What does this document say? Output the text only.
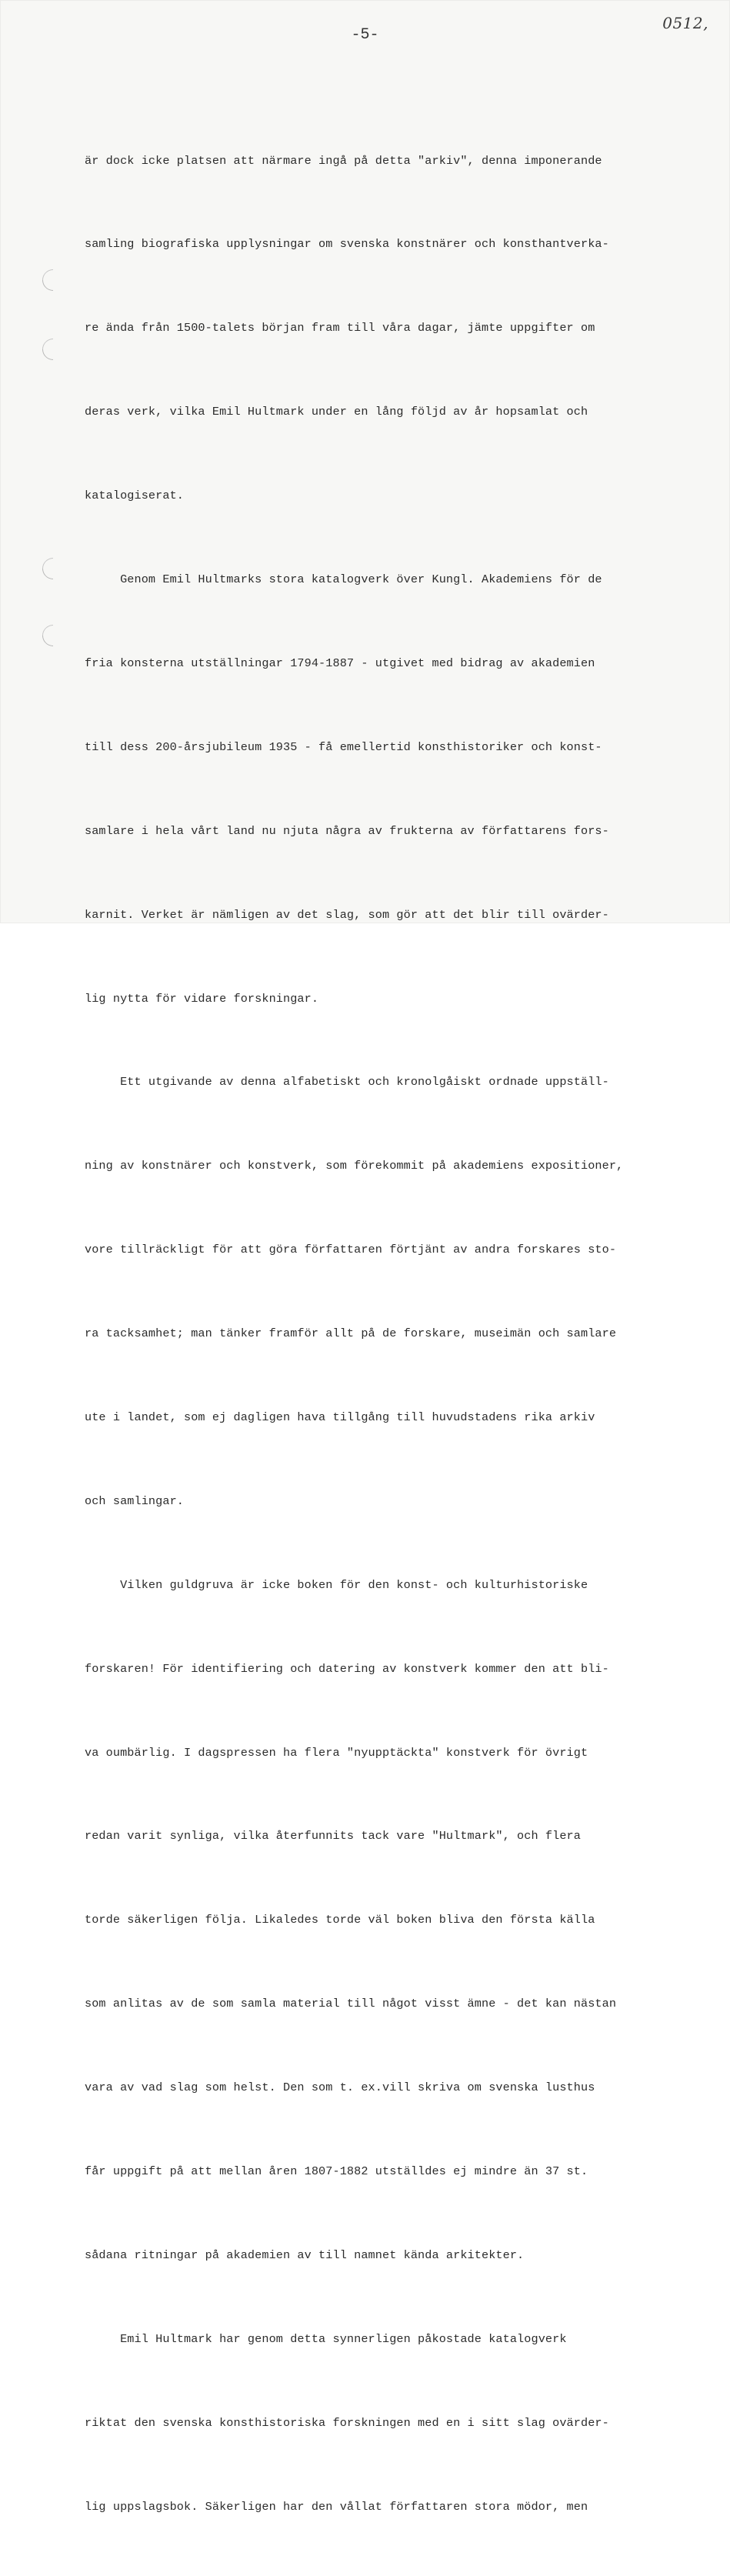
0512,
-5-

är dock icke platsen att närmare ingå på detta "arkiv", denna imponerande

samling biografiska upplysningar om svenska konstnärer och konsthantverka-

re ända från 1500-talets början fram till våra dagar, jämte uppgifter om

deras verk, vilka Emil Hultmark under en lång följd av år hopsamlat och

katalogiserat.

Genom Emil Hultmarks stora katalogverk över Kungl. Akademiens för de

fria konsterna utställningar 1794-1887 - utgivet med bidrag av akademien

till dess 200-årsjubileum 1935 - få emellertid konsthistoriker och konst-

samlare i hela vårt land nu njuta några av frukterna av författarens fors-

karnit. Verket är nämligen av det slag, som gör att det blir till ovärder-

lig nytta för vidare forskningar.

Ett utgivande av denna alfabetiskt och kronolgåiskt ordnade uppställ-

ning av konstnärer och konstverk, som förekommit på akademiens expositioner,

vore tillräckligt för att göra författaren förtjänt av andra forskares sto-

ra tacksamhet; man tänker framför allt på de forskare, museimän och samlare

ute i landet, som ej dagligen hava tillgång till huvudstadens rika arkiv

och samlingar.

Vilken guldgruva är icke boken för den konst- och kulturhistoriske

forskaren! För identifiering och datering av konstverk kommer den att bli-

va oumbärlig. I dagspressen ha flera "nyupptäckta" konstverk för övrigt

redan varit synliga, vilka återfunnits tack vare "Hultmark", och flera

torde säkerligen följa. Likaledes torde väl boken bliva den första källa

som anlitas av de som samla material till något visst ämne - det kan nästan

vara av vad slag som helst. Den som t. ex.vill skriva om svenska lusthus

får uppgift på att mellan åren 1807-1882 utställdes ej mindre än 37 st.

sådana ritningar på akademien av till namnet kända arkitekter.

Emil Hultmark har genom detta synnerligen påkostade katalogverk

riktat den svenska konsthistoriska forskningen med en i sitt slag ovärder-

lig uppslagsbok. Säkerligen har den vållat författaren stora mödor, men
